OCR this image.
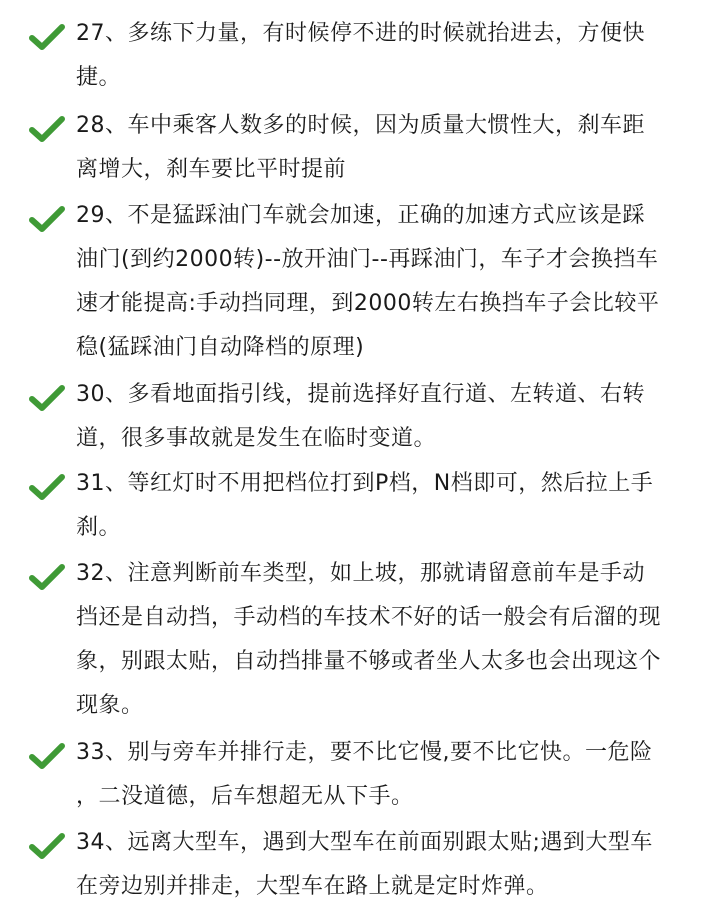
27、多练下力量，有时候停不进的时候就抬进去，方便快
捷。
28、车中乘客人数多的时候，因为质量大惯性大，刹车距
离增大，刹车要比平时提前
29、不是猛踩油门车就会加速，正确的加速方式应该是踩
油门(到约2000转)--放开油门--再踩油门，车子才会换挡车
速才能提高:手动挡同理，到2000转左右换挡车子会比较平
稳(猛踩油门自动降档的原理)
30、多看地面指引线，提前选择好直行道、左转道、右转
道，很多事故就是发生在临时变道。
31、等红灯时不用把档位打到P档，N档即可，然后拉上手
刹。
32、注意判断前车类型，如上坡，那就请留意前车是手动
挡还是自动挡，手动档的车技术不好的话一般会有后溜的现
象，别跟太贴，自动挡排量不够或者坐人太多也会出现这个
现象。
33、别与旁车并排行走，要不比它慢,要不比它快。一危险
，二没道德，后车想超无从下手。
34、远离大型车，遇到大型车在前面别跟太贴;遇到大型车
在旁边别并排走，大型车在路上就是定时炸弹。
